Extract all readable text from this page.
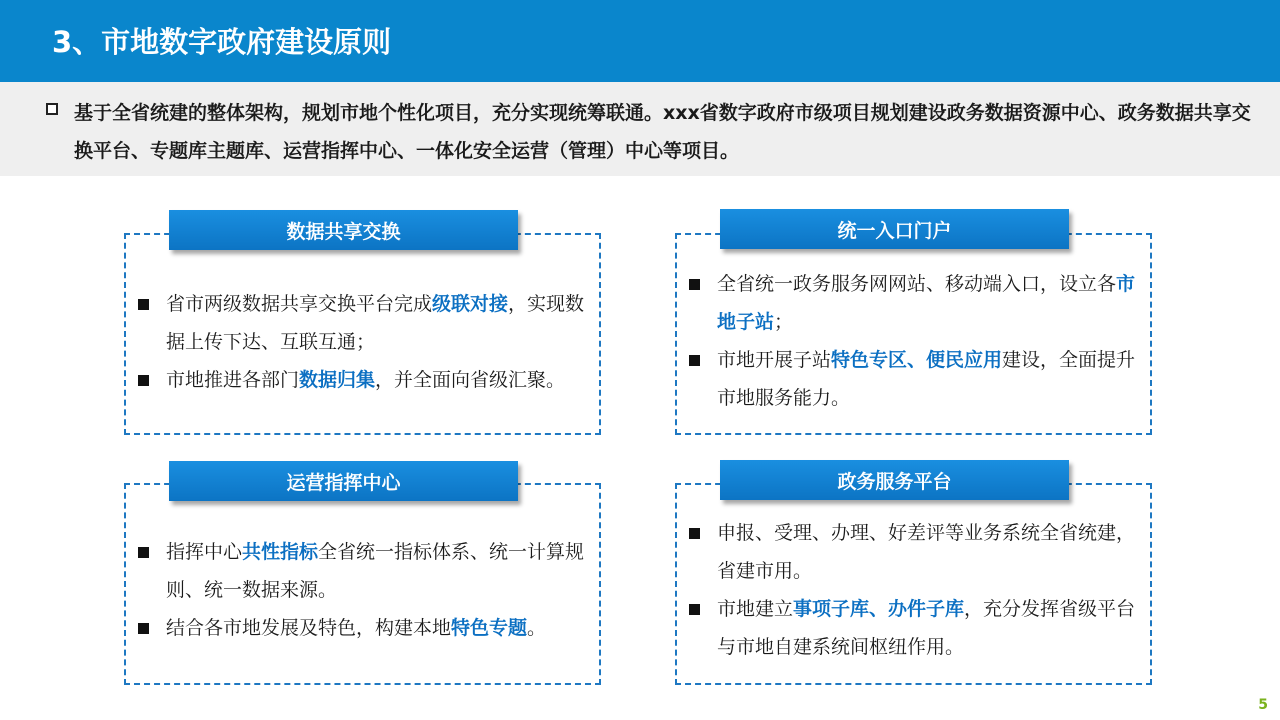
3、市地数字政府建设原则
基于全省统建的整体架构，规划市地个性化项目，充分实现统筹联通。xxx省数字政府市级项目规划建设政务数据资源中心、政务数据共享交换平台、专题库主题库、运营指挥中心、一体化安全运营（管理）中心等项目。
省市两级数据共享交换平台完成级联对接，实现数据上传下达、互联互通；
市地推进各部门数据归集，并全面向省级汇聚。
数据共享交换
全省统一政务服务网网站、移动端入口，设立各市地子站；
市地开展子站特色专区、便民应用建设，全面提升市地服务能力。
统一入口门户
指挥中心共性指标全省统一指标体系、统一计算规则、统一数据来源。
结合各市地发展及特色，构建本地特色专题。
运营指挥中心
申报、受理、办理、好差评等业务系统全省统建，省建市用。
市地建立事项子库、办件子库，充分发挥省级平台与市地自建系统间枢纽作用。
政务服务平台
5
